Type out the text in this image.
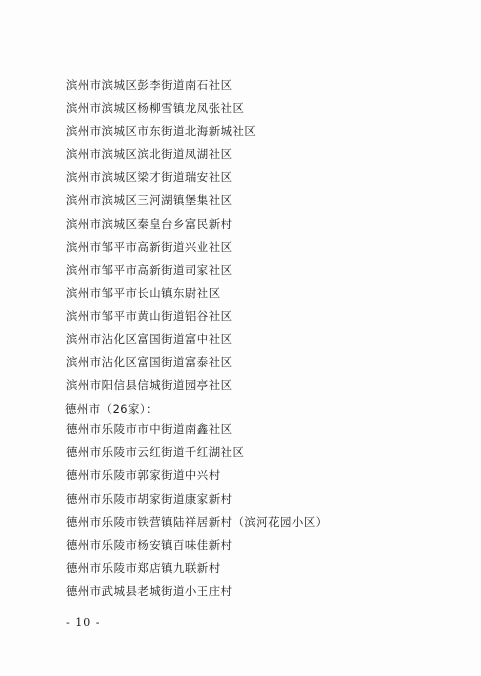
滨州市滨城区彭李街道南石社区
滨州市滨城区杨柳雪镇龙凤张社区
滨州市滨城区市东街道北海新城社区
滨州市滨城区滨北街道凤湖社区
滨州市滨城区梁才街道瑞安社区
滨州市滨城区三河湖镇堡集社区
滨州市滨城区秦皇台乡富民新村
滨州市邹平市高新街道兴业社区
滨州市邹平市高新街道司家社区
滨州市邹平市长山镇东尉社区
滨州市邹平市黄山街道铝谷社区
滨州市沾化区富国街道富中社区
滨州市沾化区富国街道富泰社区
滨州市阳信县信城街道园亭社区
德州市（26家）：
德州市乐陵市市中街道南鑫社区
德州市乐陵市云红街道千红湖社区
德州市乐陵市郭家街道中兴村
德州市乐陵市胡家街道康家新村
德州市乐陵市铁营镇陆祥居新村（滨河花园小区）
德州市乐陵市杨安镇百味佳新村
德州市乐陵市郑店镇九联新村
德州市武城县老城街道小王庄村
- 10 -
